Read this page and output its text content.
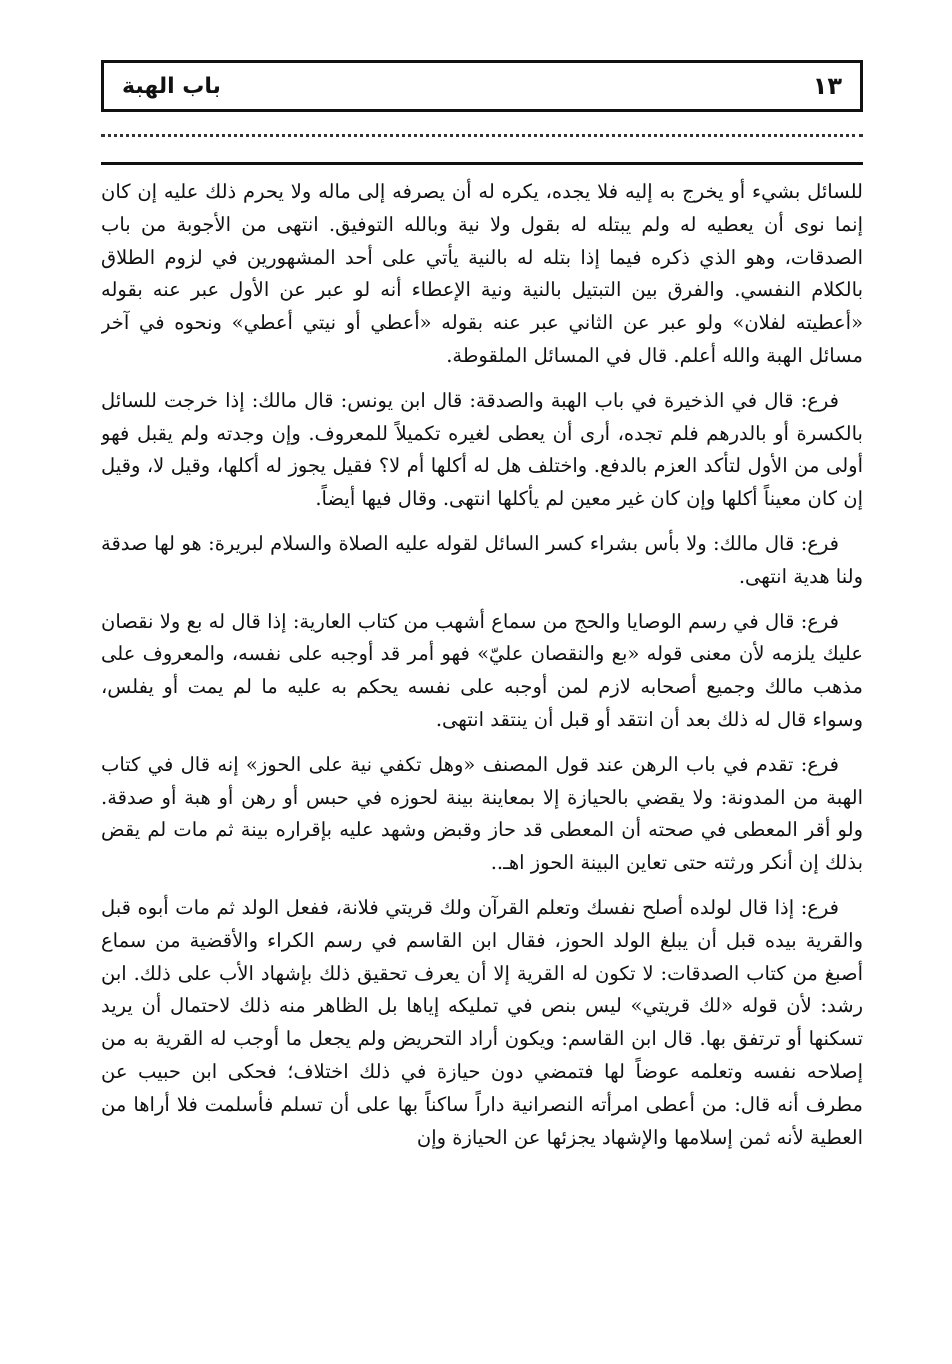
باب الهبة	١٣

للسائل بشيء أو يخرج به إليه فلا يجده، يكره له أن يصرفه إلى ماله ولا يحرم ذلك عليه إن كان إنما نوى أن يعطيه له ولم يبتله له بقول ولا نية وبالله التوفيق. انتهى من الأجوبة من باب الصدقات، وهو الذي ذكره فيما إذا بتله له بالنية يأتي على أحد المشهورين في لزوم الطلاق بالكلام النفسي. والفرق بين التبتيل بالنية ونية الإعطاء أنه لو عبر عن الأول عبر عنه بقوله «أعطيته لفلان» ولو عبر عن الثاني عبر عنه بقوله «أعطي أو نيتي أعطي» ونحوه في آخر مسائل الهبة والله أعلم. قال في المسائل الملقوطة.

فرع: قال في الذخيرة في باب الهبة والصدقة: قال ابن يونس: قال مالك: إذا خرجت للسائل بالكسرة أو بالدرهم فلم تجده، أرى أن يعطى لغيره تكميلاً للمعروف. وإن وجدته ولم يقبل فهو أولى من الأول لتأكد العزم بالدفع. واختلف هل له أكلها أم لا؟ فقيل يجوز له أكلها، وقيل لا، وقيل إن كان معيناً أكلها وإن كان غير معين لم يأكلها انتهى. وقال فيها أيضاً.

فرع: قال مالك: ولا بأس بشراء كسر السائل لقوله عليه الصلاة والسلام لبريرة: هو لها صدقة ولنا هدية انتهى.

فرع: قال في رسم الوصايا والحج من سماع أشهب من كتاب العارية: إذا قال له بع ولا نقصان عليك يلزمه لأن معنى قوله «بع والنقصان عليّ» فهو أمر قد أوجبه على نفسه، والمعروف على مذهب مالك وجميع أصحابه لازم لمن أوجبه على نفسه يحكم به عليه ما لم يمت أو يفلس، وسواء قال له ذلك بعد أن انتقد أو قبل أن ينتقد انتهى.

فرع: تقدم في باب الرهن عند قول المصنف «وهل تكفي نية على الحوز» إنه قال في كتاب الهبة من المدونة: ولا يقضي بالحيازة إلا بمعاينة بينة لحوزه في حبس أو رهن أو هبة أو صدقة. ولو أقر المعطى في صحته أن المعطى قد حاز وقبض وشهد عليه بإقراره بينة ثم مات لم يقض بذلك إن أنكر ورثته حتى تعاين البينة الحوز اهـ..

فرع: إذا قال لولده أصلح نفسك وتعلم القرآن ولك قريتي فلانة، ففعل الولد ثم مات أبوه قبل والقرية بيده قبل أن يبلغ الولد الحوز، فقال ابن القاسم في رسم الكراء والأقضية من سماع أصبغ من كتاب الصدقات: لا تكون له القرية إلا أن يعرف تحقيق ذلك بإشهاد الأب على ذلك. ابن رشد: لأن قوله «لك قريتي» ليس بنص في تمليكه إياها بل الظاهر منه ذلك لاحتمال أن يريد تسكنها أو ترتفق بها. قال ابن القاسم: ويكون أراد التحريض ولم يجعل ما أوجب له القرية به من إصلاحه نفسه وتعلمه عوضاً لها فتمضي دون حيازة في ذلك اختلاف؛ فحكى ابن حبيب عن مطرف أنه قال: من أعطى امرأته النصرانية داراً ساكناً بها على أن تسلم فأسلمت فلا أراها من العطية لأنه ثمن إسلامها والإشهاد يجزئها عن الحيازة وإن
